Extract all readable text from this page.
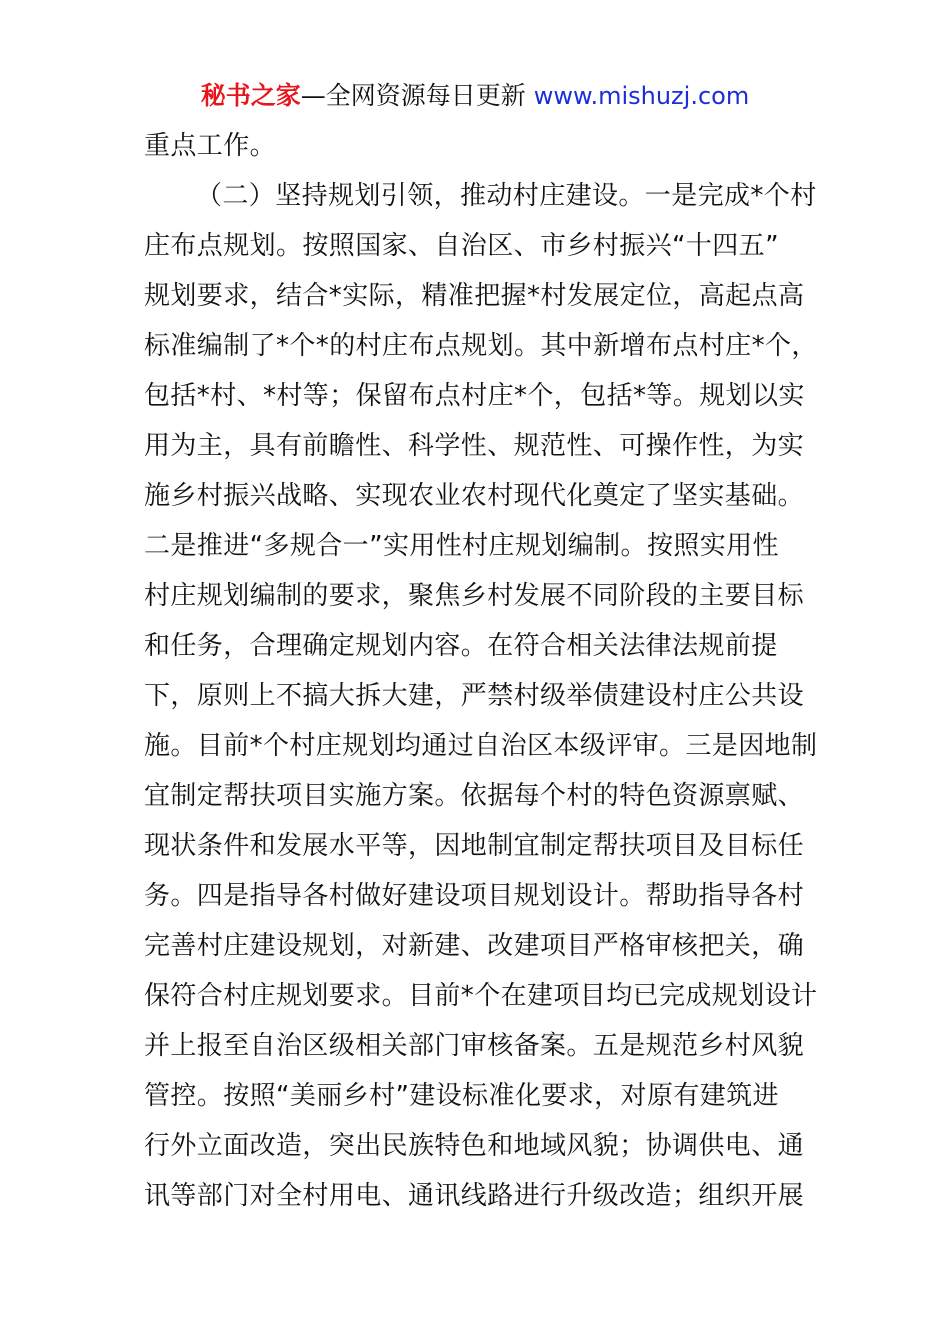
秘书之家—全网资源每日更新 www.mishuzj.com
重点工作。
（二）坚持规划引领，推动村庄建设。一是完成*个村
庄布点规划。按照国家、自治区、市乡村振兴“十四五”
规划要求，结合*实际，精准把握*村发展定位，高起点高
标准编制了*个*的村庄布点规划。其中新增布点村庄*个，
包括*村、*村等；保留布点村庄*个，包括*等。规划以实
用为主，具有前瞻性、科学性、规范性、可操作性，为实
施乡村振兴战略、实现农业农村现代化奠定了坚实基础。
二是推进“多规合一”实用性村庄规划编制。按照实用性
村庄规划编制的要求，聚焦乡村发展不同阶段的主要目标
和任务，合理确定规划内容。在符合相关法律法规前提
下，原则上不搞大拆大建，严禁村级举债建设村庄公共设
施。目前*个村庄规划均通过自治区本级评审。三是因地制
宜制定帮扶项目实施方案。依据每个村的特色资源禀赋、
现状条件和发展水平等，因地制宜制定帮扶项目及目标任
务。四是指导各村做好建设项目规划设计。帮助指导各村
完善村庄建设规划，对新建、改建项目严格审核把关，确
保符合村庄规划要求。目前*个在建项目均已完成规划设计
并上报至自治区级相关部门审核备案。五是规范乡村风貌
管控。按照“美丽乡村”建设标准化要求，对原有建筑进
行外立面改造，突出民族特色和地域风貌；协调供电、通
讯等部门对全村用电、通讯线路进行升级改造；组织开展
